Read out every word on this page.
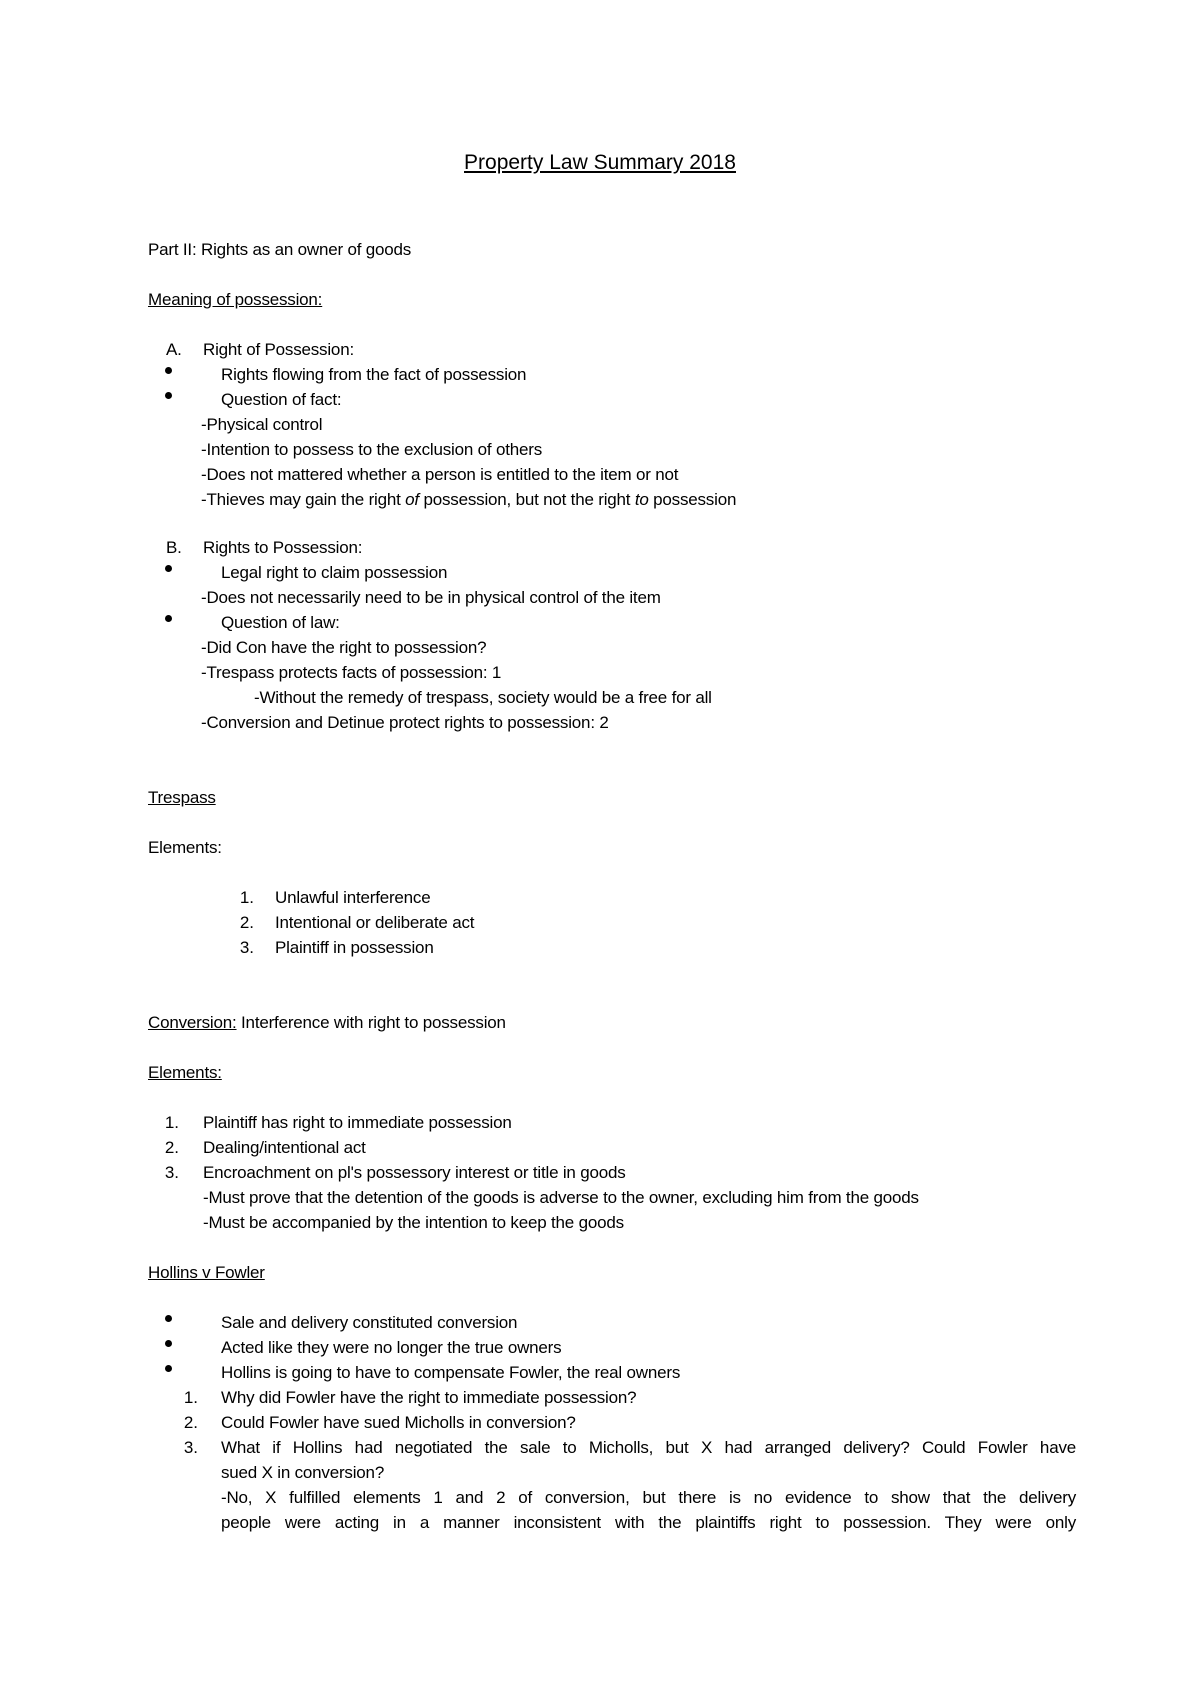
Property Law Summary 2018
Part II: Rights as an owner of goods
Meaning of possession:
A. Right of Possession:
Rights flowing from the fact of possession
Question of fact:
-Physical control
-Intention to possess to the exclusion of others
-Does not mattered whether a person is entitled to the item or not
-Thieves may gain the right of possession, but not the right to possession
B. Rights to Possession:
Legal right to claim possession
-Does not necessarily need to be in physical control of the item
Question of law:
-Did Con have the right to possession?
-Trespass protects facts of possession: 1
-Without the remedy of trespass, society would be a free for all
-Conversion and Detinue protect rights to possession: 2
Trespass
Elements:
1. Unlawful interference
2. Intentional or deliberate act
3. Plaintiff in possession
Conversion: Interference with right to possession
Elements:
1. Plaintiff has right to immediate possession
2. Dealing/intentional act
3. Encroachment on pl's possessory interest or title in goods
-Must prove that the detention of the goods is adverse to the owner, excluding him from the goods
-Must be accompanied by the intention to keep the goods
Hollins v Fowler
Sale and delivery constituted conversion
Acted like they were no longer the true owners
Hollins is going to have to compensate Fowler, the real owners
1. Why did Fowler have the right to immediate possession?
2. Could Fowler have sued Micholls in conversion?
3. What if Hollins had negotiated the sale to Micholls, but X had arranged delivery? Could Fowler have
sued X in conversion?
-No, X fulfilled elements 1 and 2 of conversion, but there is no evidence to show that the delivery
people were acting in a manner inconsistent with the plaintiffs right to possession. They were only
